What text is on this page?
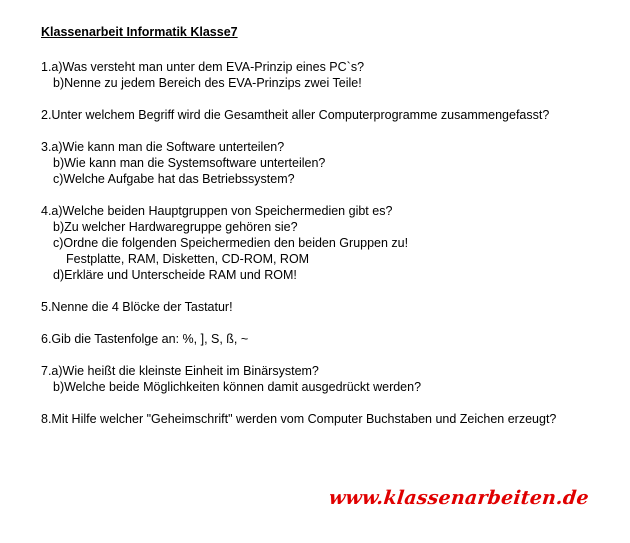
Klassenarbeit Informatik Klasse7
1.a)Was versteht man unter dem EVA-Prinzip eines PC`s?
b)Nenne zu jedem Bereich des EVA-Prinzips zwei Teile!
2.Unter welchem Begriff wird die Gesamtheit aller Computerprogramme zusammengefasst?
3.a)Wie kann man die Software unterteilen?
b)Wie kann man die Systemsoftware unterteilen?
c)Welche Aufgabe hat das Betriebssystem?
4.a)Welche beiden Hauptgruppen von Speichermedien gibt es?
b)Zu welcher Hardwaregruppe gehören sie?
c)Ordne die folgenden Speichermedien den beiden Gruppen zu!
Festplatte, RAM, Disketten, CD-ROM, ROM
d)Erkläre und Unterscheide RAM und ROM!
5.Nenne die 4 Blöcke der Tastatur!
6.Gib die Tastenfolge an: %, ], S, ß, ~
7.a)Wie heißt die kleinste Einheit im Binärsystem?
b)Welche beide Möglichkeiten können damit ausgedrückt werden?
8.Mit Hilfe welcher "Geheimschrift" werden vom Computer Buchstaben und Zeichen erzeugt?
www.klassenarbeiten.de
